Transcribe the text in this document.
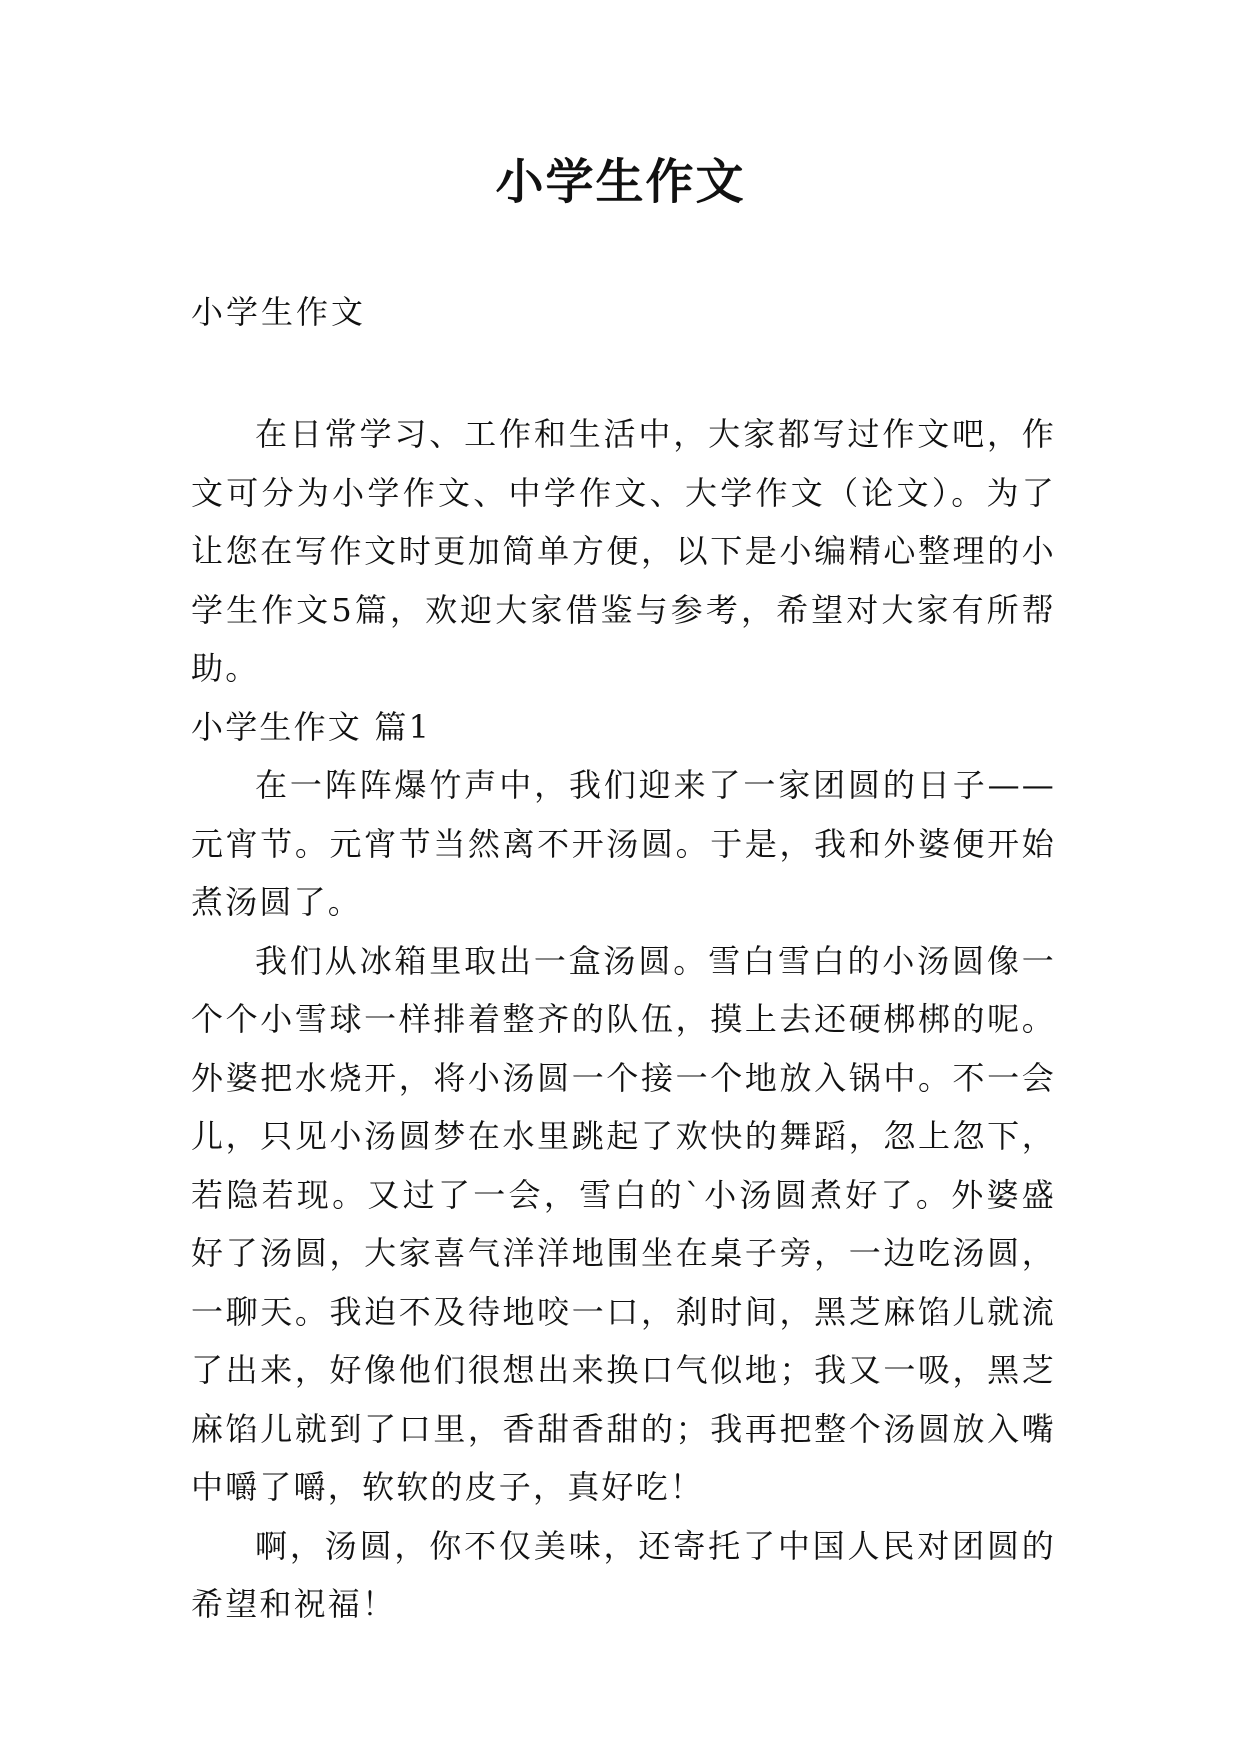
小学生作文
小学生作文

在日常学习、工作和生活中，大家都写过作文吧，作文可分为小学作文、中学作文、大学作文（论文）。为了让您在写作文时更加简单方便，以下是小编精心整理的小学生作文5篇，欢迎大家借鉴与参考，希望对大家有所帮助。

小学生作文 篇1

在一阵阵爆竹声中，我们迎来了一家团圆的日子——元宵节。元宵节当然离不开汤圆。于是，我和外婆便开始煮汤圆了。

我们从冰箱里取出一盒汤圆。雪白雪白的小汤圆像一个个小雪球一样排着整齐的队伍，摸上去还硬梆梆的呢。外婆把水烧开，将小汤圆一个接一个地放入锅中。不一会儿，只见小汤圆梦在水里跳起了欢快的舞蹈，忽上忽下，若隐若现。又过了一会，雪白的`小汤圆煮好了。外婆盛好了汤圆，大家喜气洋洋地围坐在桌子旁，一边吃汤圆，一聊天。我迫不及待地咬一口，刹时间，黑芝麻馅儿就流了出来，好像他们很想出来换口气似地；我又一吸，黑芝麻馅儿就到了口里，香甜香甜的；我再把整个汤圆放入嘴中嚼了嚼，软软的皮子，真好吃！

啊，汤圆，你不仅美味，还寄托了中国人民对团圆的希望和祝福！
